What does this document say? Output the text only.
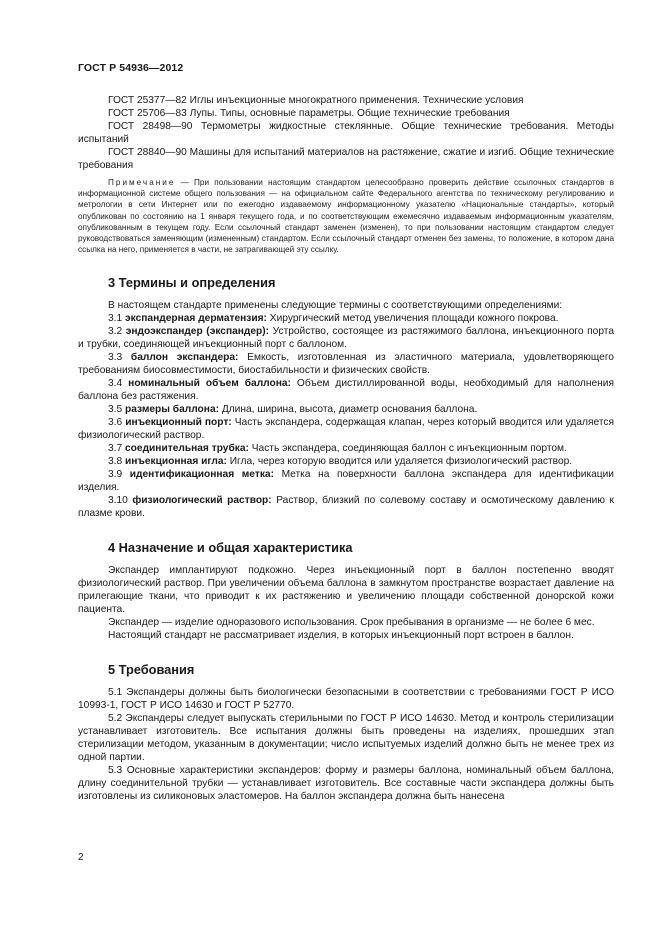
ГОСТ Р 54936—2012

ГОСТ 25377—82 Иглы инъекционные многократного применения. Технические условия

ГОСТ 25706—83 Лупы. Типы, основные параметры. Общие технические требования

ГОСТ 28498—90 Термометры жидкостные стеклянные. Общие технические требования. Методы испытаний

ГОСТ 28840—90 Машины для испытаний материалов на растяжение, сжатие и изгиб. Общие технические требования

Примечание — При пользовании настоящим стандартом целесообразно проверить действие ссылочных стандартов в информационной системе общего пользования — на официальном сайте Федерального агентства по техническому регулированию и метрологии в сети Интернет или по ежегодно издаваемому информационному указателю «Национальные стандарты», который опубликован по состоянию на 1 января текущего года, и по соответствующим ежемесячно издаваемым информационным указателям, опубликованным в текущем году. Если ссылочный стандарт заменен (изменен), то при пользовании настоящим стандартом следует руководствоваться заменяющим (измененным) стандартом. Если ссылочный стандарт отменен без замены, то положение, в котором дана ссылка на него, применяется в части, не затрагивающей эту ссылку.

3 Термины и определения

В настоящем стандарте применены следующие термины с соответствующими определениями:

3.1 экспандерная дерматензия: Хирургический метод увеличения площади кожного покрова.

3.2 эндоэкспандер (экспандер): Устройство, состоящее из растяжимого баллона, инъекционного порта и трубки, соединяющей инъекционный порт с баллоном.

3.3 баллон экспандера: Емкость, изготовленная из эластичного материала, удовлетворяющего требованиям биосовместимости, биостабильности и физических свойств.

3.4 номинальный объем баллона: Объем дистиллированной воды, необходимый для наполнения баллона без растяжения.

3.5 размеры баллона: Длина, ширина, высота, диаметр основания баллона.

3.6 инъекционный порт: Часть экспандера, содержащая клапан, через который вводится или удаляется физиологический раствор.

3.7 соединительная трубка: Часть экспандера, соединяющая баллон с инъекционным портом.

3.8 инъекционная игла: Игла, через которую вводится или удаляется физиологический раствор.

3.9 идентификационная метка: Метка на поверхности баллона экспандера для идентификации изделия.

3.10 физиологический раствор: Раствор, близкий по солевому составу и осмотическому давлению к плазме крови.

4 Назначение и общая характеристика

Экспандер имплантируют подкожно. Через инъекционный порт в баллон постепенно вводят физиологический раствор. При увеличении объема баллона в замкнутом пространстве возрастает давление на прилегающие ткани, что приводит к их растяжению и увеличению площади собственной донорской кожи пациента.

Экспандер — изделие одноразового использования. Срок пребывания в организме — не более 6 мес.

Настоящий стандарт не рассматривает изделия, в которых инъекционный порт встроен в баллон.

5 Требования

5.1 Экспандеры должны быть биологически безопасными в соответствии с требованиями ГОСТ Р ИСО 10993-1, ГОСТ Р ИСО 14630 и ГОСТ Р 52770.

5.2 Экспандеры следует выпускать стерильными по ГОСТ Р ИСО 14630. Метод и контроль стерилизации устанавливает изготовитель. Все испытания должны быть проведены на изделиях, прошедших этап стерилизации методом, указанным в документации; число испытуемых изделий должно быть не менее трех из одной партии.

5.3 Основные характеристики экспандеров: форму и размеры баллона, номинальный объем баллона, длину соединительной трубки — устанавливает изготовитель. Все составные части экспандера должны быть изготовлены из силиконовых эластомеров. На баллон экспандера должна быть нанесена

2
